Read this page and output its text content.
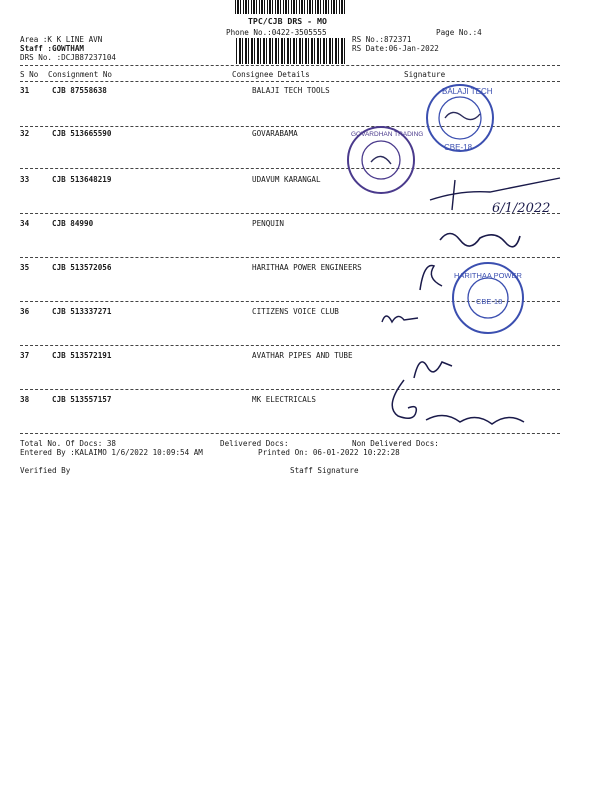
TPC/CJB DRS - MO
Phone No.:0422-3505555	Page No.:4
Area :K K LINE AVN
Staff :GOWTHAM
DRS No. :DCJB87237104
RS No.:872371
RS Date:06-Jan-2022
S No Consignment No	Consignee Details	Signature
31	CJB 87558638	BALAJI TECH TOOLS
32	CJB 513665590	GOVARABAMA
33	CJB 513648219	UDAVUM KARANGAL
34	CJB 84990	PENQUIN
35	CJB 513572056	HARITHAA POWER ENGINEERS
36	CJB 513337271	CITIZENS VOICE CLUB
37	CJB 513572191	AVATHAR PIPES AND TUBE
38	CJB 513557157	MK ELECTRICALS
Total No. Of Docs: 38	Delivered Docs:	Non Delivered Docs:
Entered By :KALAIMO 1/6/2022 10:09:54 AM	Printed On: 06-01-2022 10:22:28
Verified By	Staff Signature
BALAJI TECH
CBE-18
GOVARDHAN TRADING
HARITHAA POWER
CBE-18
6/1/2022
